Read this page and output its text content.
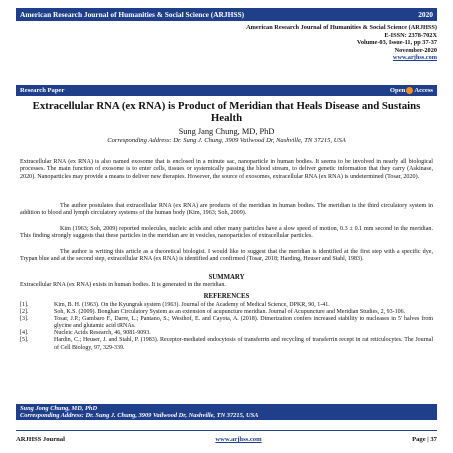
American Research Journal of Humanities & Social Science (ARJHSS)	2020
American Research Journal of Humanities & Social Science (ARJHSS)
E-ISSN: 2378-702X
Volume-03, Issue-11, pp 37-37
November-2020
www.arjhss.com
Research Paper	Open Access
Extracellular RNA (ex RNA) is Product of Meridian that Heals Disease and Sustains Health
Sung Jang Chung, MD, PhD
Corresponding Address: Dr. Sung J. Chung, 3909 Vailwood Dr, Nashville, TN 37215, USA

Extracellular RNA (ex RNA) is also named exosome that is enclosed in a minute sac, nanoparticle in human bodies. It seems to be involved in nearly all biological processes. The main function of exosome is to enter cells, tissues or systemically passing the blood stream, to deliver genetic information that they carry (Askinase, 2020). Nanoparticles may provide a means to deliver new therapies. However, the source of exosomes, extracellular RNA (ex RNA) is undetermined (Tosar, 2020).

The author postulates that extracellular RNA (ex RNA) are products of the meridian in human bodies. The meridian is the third circulatory system in addition to blood and lymph circulatory systems of the human body (Kim, 1963; Soh, 2009).

Kim (1963; Soh, 2009) reported molecules, nucleic acids and other many particles have a slow speed of motion, 0.3 ± 0.1 mm second in the meridian. This finding strongly suggests that these particles in the meridian are in vesicles, nanoparticles of extracellular particles.

The author is writing this article as a theoretical biologist. I would like to suggest that the meridian is identified at the first step with a specific dye, Trypan blue and at the second step, extracellular RNA (ex RNA) is identified and confirmed (Tosar, 2018; Harding, Heuser and Stahl, 1983).

SUMMARY

Extracellular RNA (ex RNA) exists in human bodies. It is generated in the meridian.

REFERENCES
[1].	Kim, B. H. (1963). On the Kyungrak system (1963). Journal of the Academy of Medical Science, DPKR, 90, 1-41.
[2].	Soh, K.S. (2009). Bonghan Circulatory System as an extension of acupuncture meridian. Journal of Acupuncture and Meridian Studies, 2, 93-106.
[3].	Tosar, J.P.; Gambaro F., Darre, L.; Pantano, S.; Westhof, E. and Cayota, A. (2018). Dimerization confers increased stability to nucleases in 5' halves from glycine and glutamic acid tRNAs.
[4].	Nucleic Acids Research, 46, 9081-9093.
[5].	Hardin, C.; Heuser, J. and Stahl, P. (1983). Receptor-mediated endocytosis of transferrin and recycling of transferrin recept in rat reticulocytes. The Journal of Cell Biology, 97, 329-339.
Sung Jong Chung, MD, PhD
Corresponding Address: Dr. Sung J. Chung, 3909 Vailwood Dr, Nashville, TN 37215, USA
ARJHSS Journal	www.arjhss.com	Page | 37
